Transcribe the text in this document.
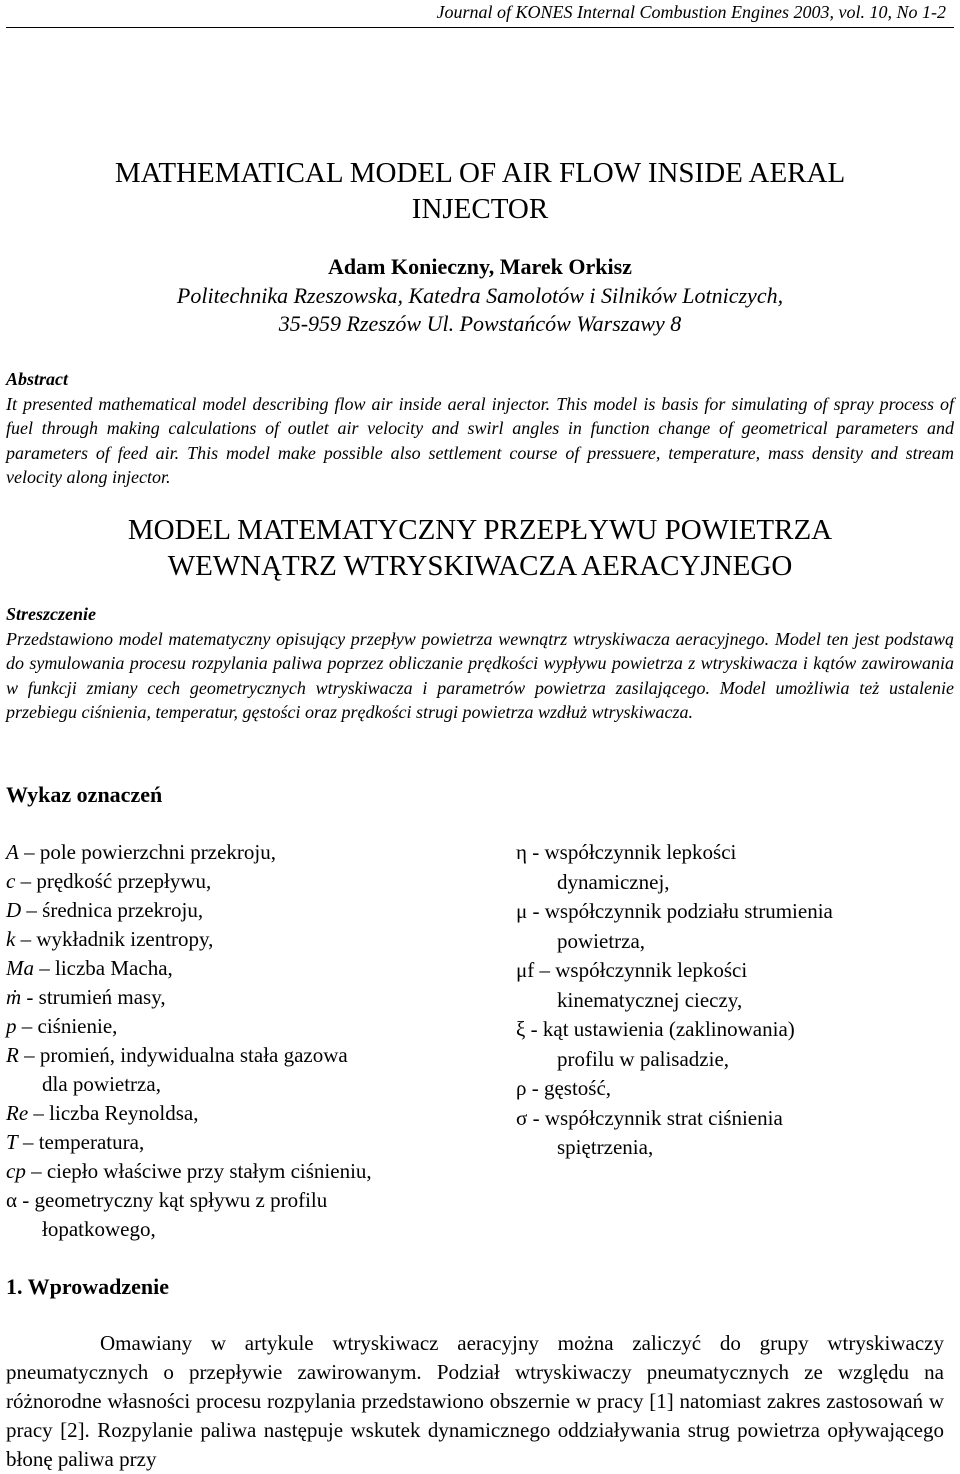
Journal of KONES Internal Combustion Engines 2003, vol. 10, No 1-2
MATHEMATICAL MODEL OF AIR FLOW INSIDE AERAL
INJECTOR
Adam Konieczny, Marek Orkisz
Politechnika Rzeszowska, Katedra Samolotów i Silników Lotniczych,
35-959 Rzeszów Ul. Powstańców Warszawy 8
Abstract
It presented mathematical model describing flow air inside aeral injector. This model is basis for simulating of spray process of fuel through making calculations of outlet air velocity and swirl angles in function change of geometrical parameters and parameters of feed air. This model make possible also settlement course of pressuere, temperature, mass density and stream velocity along injector.
MODEL MATEMATYCZNY PRZEPŁYWU POWIETRZA
WEWNĄTRZ WTRYSKIWACZA AERACYJNEGO
Streszczenie
Przedstawiono model matematyczny opisujący przepływ powietrza wewnątrz wtryskiwacza aeracyjnego. Model ten jest podstawą do symulowania procesu rozpylania paliwa poprzez obliczanie prędkości wypływu powietrza z wtryskiwacza i kątów zawirowania w funkcji zmiany cech geometrycznych wtryskiwacza i parametrów powietrza zasilającego. Model umożliwia też ustalenie przebiegu ciśnienia, temperatur, gęstości oraz prędkości strugi powietrza wzdłuż wtryskiwacza.
Wykaz oznaczeń
A – pole powierzchni przekroju,
c – prędkość przepływu,
D – średnica przekroju,
k – wykładnik izentropy,
Ma – liczba Macha,
ṁ - strumień masy,
p – ciśnienie,
R – promień, indywidualna stała gazowa
dla powietrza,
Re – liczba Reynoldsa,
T – temperatura,
cp – ciepło właściwe przy stałym ciśnieniu,
α - geometryczny kąt spływu z profilu
łopatkowego,
η - współczynnik lepkości
dynamicznej,
μ - współczynnik podziału strumienia
powietrza,
μf – współczynnik lepkości
kinematycznej cieczy,
ξ - kąt ustawienia (zaklinowania)
profilu w palisadzie,
ρ - gęstość,
σ - współczynnik strat ciśnienia
spiętrzenia,
1. Wprowadzenie

Omawiany w artykule wtryskiwacz aeracyjny można zaliczyć do grupy wtryskiwaczy pneumatycznych o przepływie zawirowanym. Podział wtryskiwaczy pneumatycznych ze względu na różnorodne własności procesu rozpylania przedstawiono obszernie w pracy [1] natomiast zakres zastosowań w pracy [2]. Rozpylanie paliwa następuje wskutek dynamicznego oddziaływania strug powietrza opływającego błonę paliwa przy
